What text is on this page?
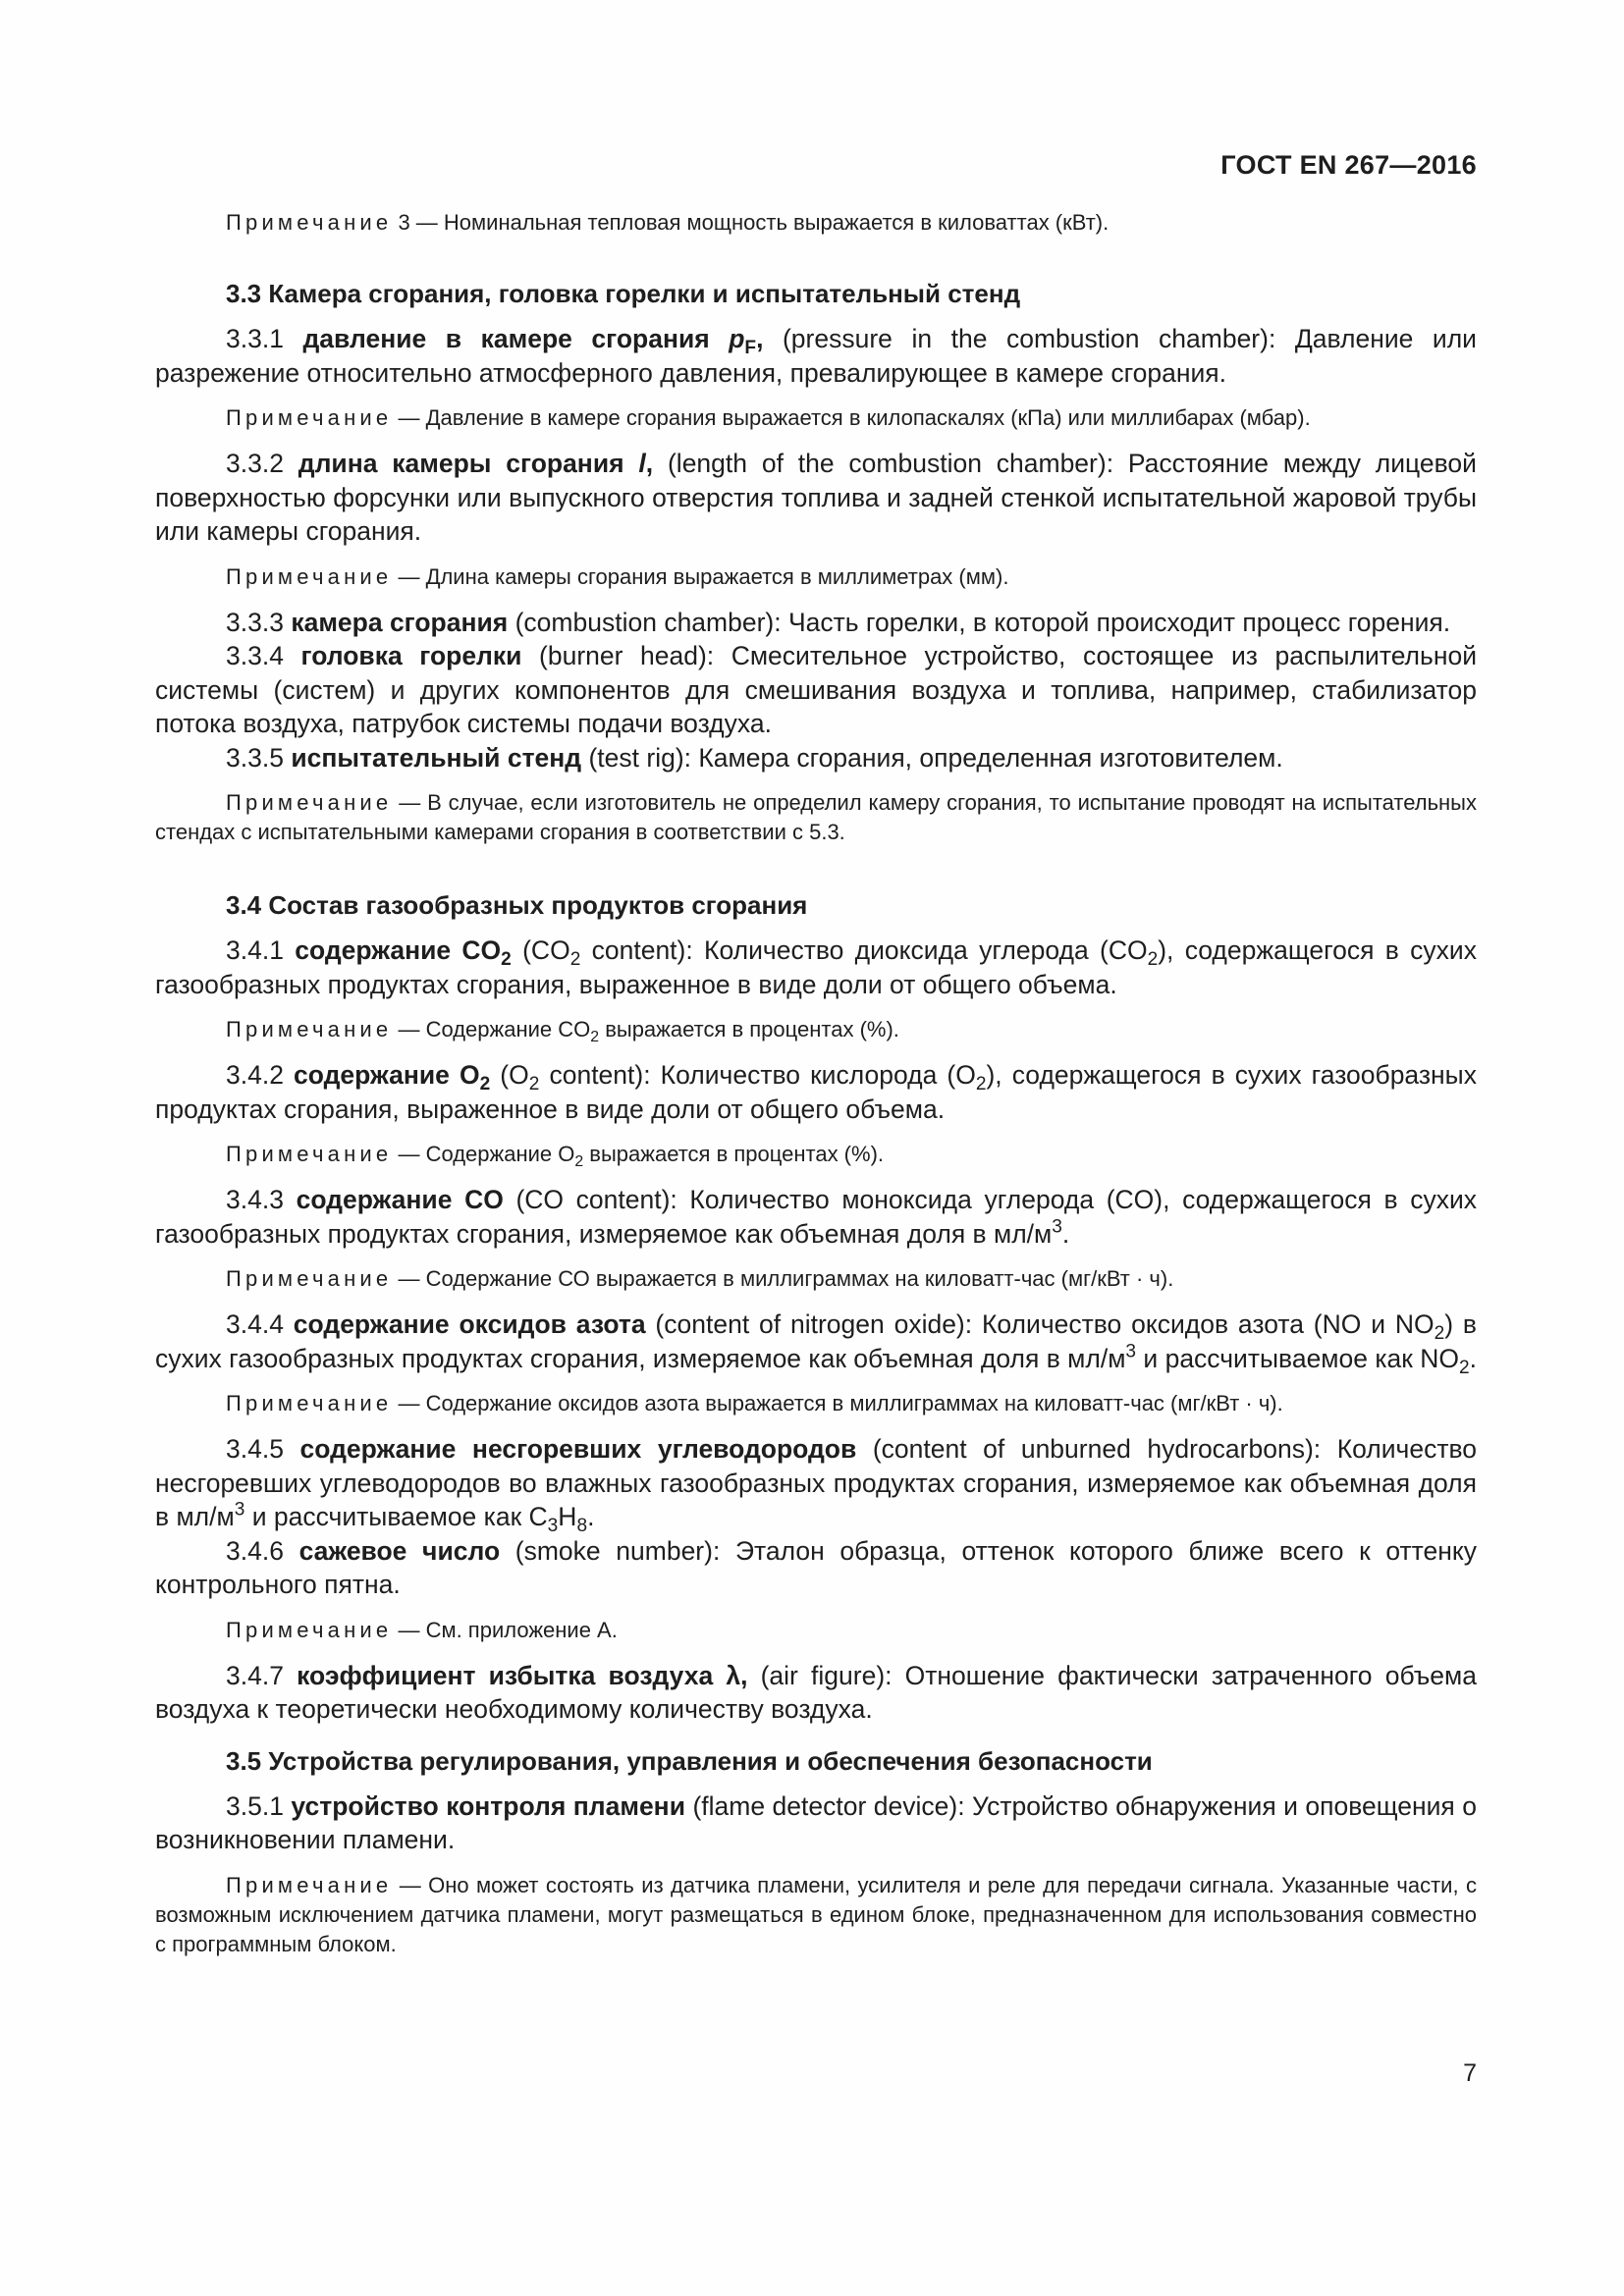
ГОСТ EN 267—2016

Примечание 3 — Номинальная тепловая мощность выражается в киловаттах (кВт).

3.3 Камера сгорания, головка горелки и испытательный стенд

3.3.1 давление в камере сгорания $p_F$, (pressure in the combustion chamber): Давление или разрежение относительно атмосферного давления, превалирующее в камере сгорания.

Примечание — Давление в камере сгорания выражается в килопаскалях (кПа) или миллибарах (мбар).

3.3.2 длина камеры сгорания l, (length of the combustion chamber): Расстояние между лицевой поверхностью форсунки или выпускного отверстия топлива и задней стенкой испытательной жаровой трубы или камеры сгорания.

Примечание — Длина камеры сгорания выражается в миллиметрах (мм).

3.3.3 камера сгорания (combustion chamber): Часть горелки, в которой происходит процесс горения.

3.3.4 головка горелки (burner head): Смесительное устройство, состоящее из распылительной системы (систем) и других компонентов для смешивания воздуха и топлива, например, стабилизатор потока воздуха, патрубок системы подачи воздуха.

3.3.5 испытательный стенд (test rig): Камера сгорания, определенная изготовителем.

Примечание — В случае, если изготовитель не определил камеру сгорания, то испытание проводят на испытательных стендах с испытательными камерами сгорания в соответствии с 5.3.

3.4 Состав газообразных продуктов сгорания

3.4.1 содержание $CO_2$ ($CO_2$ content): Количество диоксида углерода $(CO_2)$, содержащегося в сухих газообразных продуктах сгорания, выраженное в виде доли от общего объема.

Примечание — Содержание $CO_2$ выражается в процентах (%).

3.4.2 содержание $O_2$ ($O_2$ content): Количество кислорода $(O_2)$, содержащегося в сухих газообразных продуктах сгорания, выраженное в виде доли от общего объема.

Примечание — Содержание $O_2$ выражается в процентах (%).

3.4.3 содержание CO (CO content): Количество моноксида углерода (CO), содержащегося в сухих газообразных продуктах сгорания, измеряемое как объемная доля в $мл/м^3$.

Примечание — Содержание СО выражается в миллиграммах на киловатт-час (мг/кВт · ч).

3.4.4 содержание оксидов азота (content of nitrogen oxide): Количество оксидов азота (NO и $NO_2$) в сухих газообразных продуктах сгорания, измеряемое как объемная доля в $мл/м^3$ и рассчитываемое как $NO_2$.

Примечание — Содержание оксидов азота выражается в миллиграммах на киловатт-час (мг/кВт · ч).

3.4.5 содержание несгоревших углеводородов (content of unburned hydrocarbons): Количество несгоревших углеводородов во влажных газообразных продуктах сгорания, измеряемое как объемная доля в $мл/м^3$ и рассчитываемое как $C_3H_8$.

3.4.6 сажевое число (smoke number): Эталон образца, оттенок которого ближе всего к оттенку контрольного пятна.

Примечание — См. приложение А.

3.4.7 коэффициент избытка воздуха λ, (air figure): Отношение фактически затраченного объема воздуха к теоретически необходимому количеству воздуха.

3.5 Устройства регулирования, управления и обеспечения безопасности

3.5.1 устройство контроля пламени (flame detector device): Устройство обнаружения и оповещения о возникновении пламени.

Примечание — Оно может состоять из датчика пламени, усилителя и реле для передачи сигнала. Указанные части, с возможным исключением датчика пламени, могут размещаться в едином блоке, предназначенном для использования совместно с программным блоком.

7
